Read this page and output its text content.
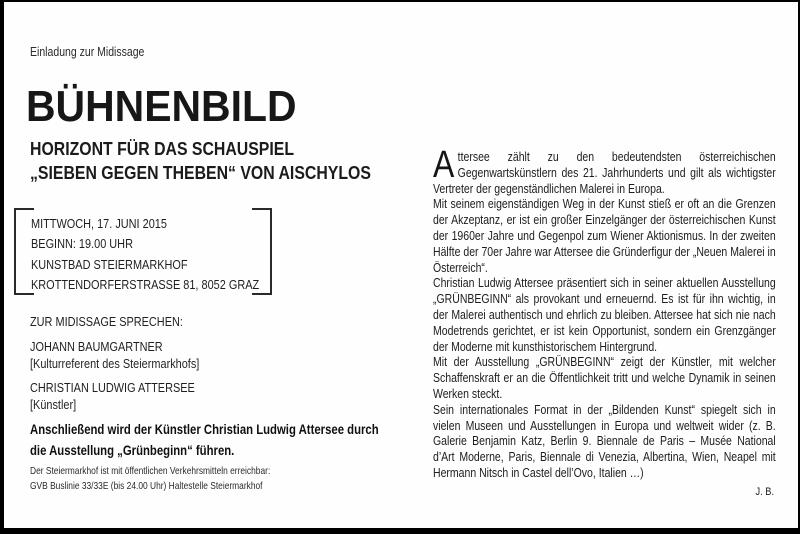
Einladung zur Midissage
BÜHNENBILD
HORIZONT FÜR DAS SCHAUSPIEL
„SIEBEN GEGEN THEBEN“ VON AISCHYLOS
MITTWOCH, 17. JUNI 2015
BEGINN: 19.00 UHR
KUNSTBAD STEIERMARKHOF
KROTTENDORFERSTRASSE 81, 8052 GRAZ
ZUR MIDISSAGE SPRECHEN:
JOHANN BAUMGARTNER
[Kulturreferent des Steiermarkhofs]
CHRISTIAN LUDWIG ATTERSEE
[Künstler]
Anschließend wird der Künstler Christian Ludwig Attersee durch die Ausstellung „Grünbeginn“ führen.
Der Steiermarkhof ist mit öffentlichen Verkehrsmitteln erreichbar:
GVB Buslinie 33/33E (bis 24.00 Uhr) Haltestelle Steiermarkhof

Attersee zählt zu den bedeutendsten österreichischen Gegenwartskünstlern des 21. Jahrhunderts und gilt als wichtigster Vertreter der gegenständlichen Malerei in Europa.

Mit seinem eigenständigen Weg in der Kunst stieß er oft an die Grenzen der Akzeptanz, er ist ein großer Einzelgänger der österreichischen Kunst der 1960er Jahre und Gegenpol zum Wiener Aktionismus. In der zweiten Hälfte der 70er Jahre war Attersee die Gründerfigur der „Neuen Malerei in Österreich“.

Christian Ludwig Attersee präsentiert sich in seiner aktuellen Ausstellung „GRÜNBEGINN“ als provokant und erneuernd. Es ist für ihn wichtig, in der Malerei authentisch und ehrlich zu bleiben. Attersee hat sich nie nach Modetrends gerichtet, er ist kein Opportunist, sondern ein Grenzgänger der Moderne mit kunsthistorischem Hintergrund.

Mit der Ausstellung „GRÜNBEGINN“ zeigt der Künstler, mit welcher Schaffenskraft er an die Öffentlichkeit tritt und welche Dynamik in seinen Werken steckt.

Sein internationales Format in der „Bildenden Kunst“ spiegelt sich in vielen Museen und Ausstellungen in Europa und weltweit wider (z. B. Galerie Benjamin Katz, Berlin 9. Biennale de Paris – Musée National d’Art Moderne, Paris, Biennale di Venezia, Albertina, Wien, Neapel mit Hermann Nitsch in Castel dell’Ovo, Italien …)

J. B.
